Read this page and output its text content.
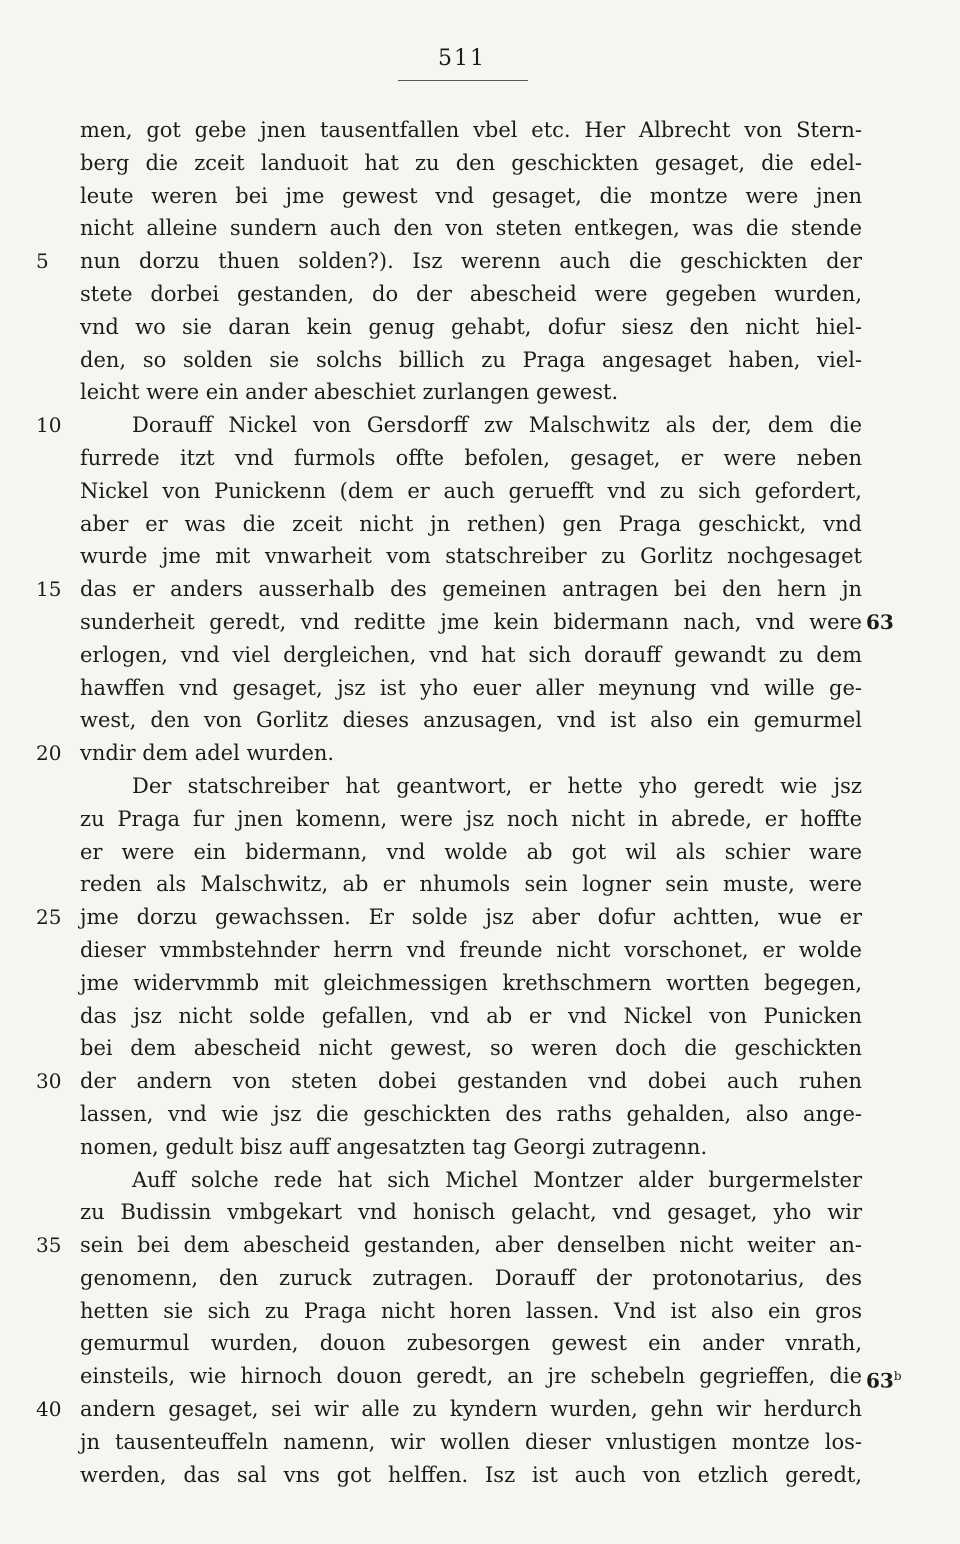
511
men, got gebe jnen tausentfallen vbel etc. Her Albrecht von Stern-
berg die zceit landuoit hat zu den geschickten gesaget, die edel-
leute weren bei jme gewest vnd gesaget, die montze were jnen
nicht alleine sundern auch den von steten entkegen, was die stende
5	nun dorzu thuen solden?). Isz werenn auch die geschickten der
stete dorbei gestanden, do der abescheid were gegeben wurden,
vnd wo sie daran kein genug gehabt, dofur siesz den nicht hiel-
den, so solden sie solchs billich zu Praga angesaget haben, viel-
leicht were ein ander abeschiet zurlangen gewest.
10	Dorauff Nickel von Gersdorff zw Malschwitz als der, dem die
furrede itzt vnd furmols offte befolen, gesaget, er were neben
Nickel von Punickenn (dem er auch geruefft vnd zu sich gefordert,
aber er was die zceit nicht jn rethen) gen Praga geschickt, vnd
wurde jme mit vnwarheit vom statschreiber zu Gorlitz nochgesaget
15 das er anders ausserhalb des gemeinen antragen bei den hern jn
sunderheit geredt, vnd reditte jme kein bidermann nach, vnd were 63
erlogen, vnd viel dergleichen, vnd hat sich dorauff gewandt zu dem
hawffen vnd gesaget, jsz ist yho euer aller meynung vnd wille ge-
west, den von Gorlitz dieses anzusagen, vnd ist also ein gemurmel
20 vndir dem adel wurden.
Der statschreiber hat geantwort, er hette yho geredt wie jsz
zu Praga fur jnen komenn, were jsz noch nicht in abrede, er hoffte
er were ein bidermann, vnd wolde ab got wil als schier ware
reden als Malschwitz, ab er nhumols sein logner sein muste, were
25 jme dorzu gewachssen. Er solde jsz aber dofur achtten, wue er
dieser vmmbstehnder herrn vnd freunde nicht vorschonet, er wolde
jme widervmmb mit gleichmessigen krethschmern wortten begegen,
das jsz nicht solde gefallen, vnd ab er vnd Nickel von Punicken
bei dem abescheid nicht gewest, so weren doch die geschickten
30 der andern von steten dobei gestanden vnd dobei auch ruhen
lassen, vnd wie jsz die geschickten des raths gehalden, also ange-
nomen, gedult bisz auff angesatzten tag Georgi zutragenn.
Auff solche rede hat sich Michel Montzer alder burgermelster
zu Budissin vmbgekart vnd honisch gelacht, vnd gesaget, yho wir
35 sein bei dem abescheid gestanden, aber denselben nicht weiter an-
genomenn, den zuruck zutragen. Dorauff der protonotarius, des
hetten sie sich zu Praga nicht horen lassen. Vnd ist also ein gros
gemurmul wurden, douon zubesorgen gewest ein ander vnrath,
einsteils, wie hirnoch douon geredt, an jre schebeln gegrieffen, die 63$^b$
40 andern gesaget, sei wir alle zu kyndern wurden, gehn wir herdurch
jn tausenteuffeln namenn, wir wollen dieser vnlustigen montze los-
werden, das sal vns got helffen. Isz ist auch von etzlich geredt,
